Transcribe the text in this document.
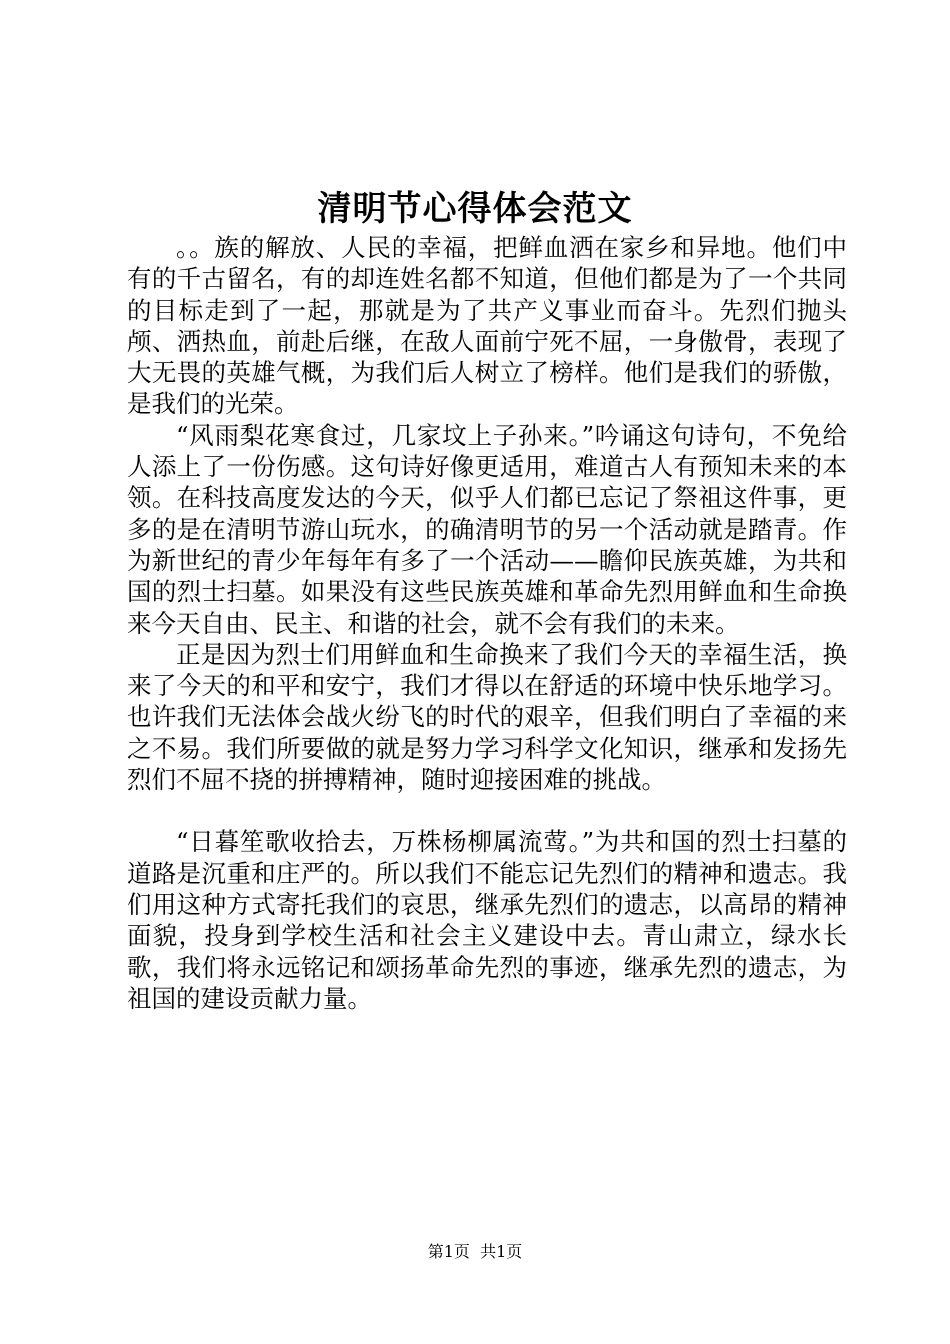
清明节心得体会范文

。。族的解放、人民的幸福，把鲜血洒在家乡和异地。他们中有的千古留名，有的却连姓名都不知道，但他们都是为了一个共同的目标走到了一起，那就是为了共产义事业而奋斗。先烈们抛头颅、洒热血，前赴后继，在敌人面前宁死不屈，一身傲骨，表现了大无畏的英雄气概，为我们后人树立了榜样。他们是我们的骄傲，是我们的光荣。

“风雨梨花寒食过，几家坟上子孙来。”吟诵这句诗句，不免给人添上了一份伤感。这句诗好像更适用，难道古人有预知未来的本领。在科技高度发达的今天，似乎人们都已忘记了祭祖这件事，更多的是在清明节游山玩水，的确清明节的另一个活动就是踏青。作为新世纪的青少年每年有多了一个活动——瞻仰民族英雄，为共和国的烈士扫墓。如果没有这些民族英雄和革命先烈用鲜血和生命换来今天自由、民主、和谐的社会，就不会有我们的未来。

正是因为烈士们用鲜血和生命换来了我们今天的幸福生活，换来了今天的和平和安宁，我们才得以在舒适的环境中快乐地学习。也许我们无法体会战火纷飞的时代的艰辛，但我们明白了幸福的来之不易。我们所要做的就是努力学习科学文化知识，继承和发扬先烈们不屈不挠的拼搏精神，随时迎接困难的挑战。

“日暮笙歌收拾去，万株杨柳属流莺。”为共和国的烈士扫墓的道路是沉重和庄严的。所以我们不能忘记先烈们的精神和遗志。我们用这种方式寄托我们的哀思，继承先烈们的遗志，以高昂的精神面貌，投身到学校生活和社会主义建设中去。青山肃立，绿水长歌，我们将永远铭记和颂扬革命先烈的事迹，继承先烈的遗志，为祖国的建设贡献力量。

第1页 共1页
